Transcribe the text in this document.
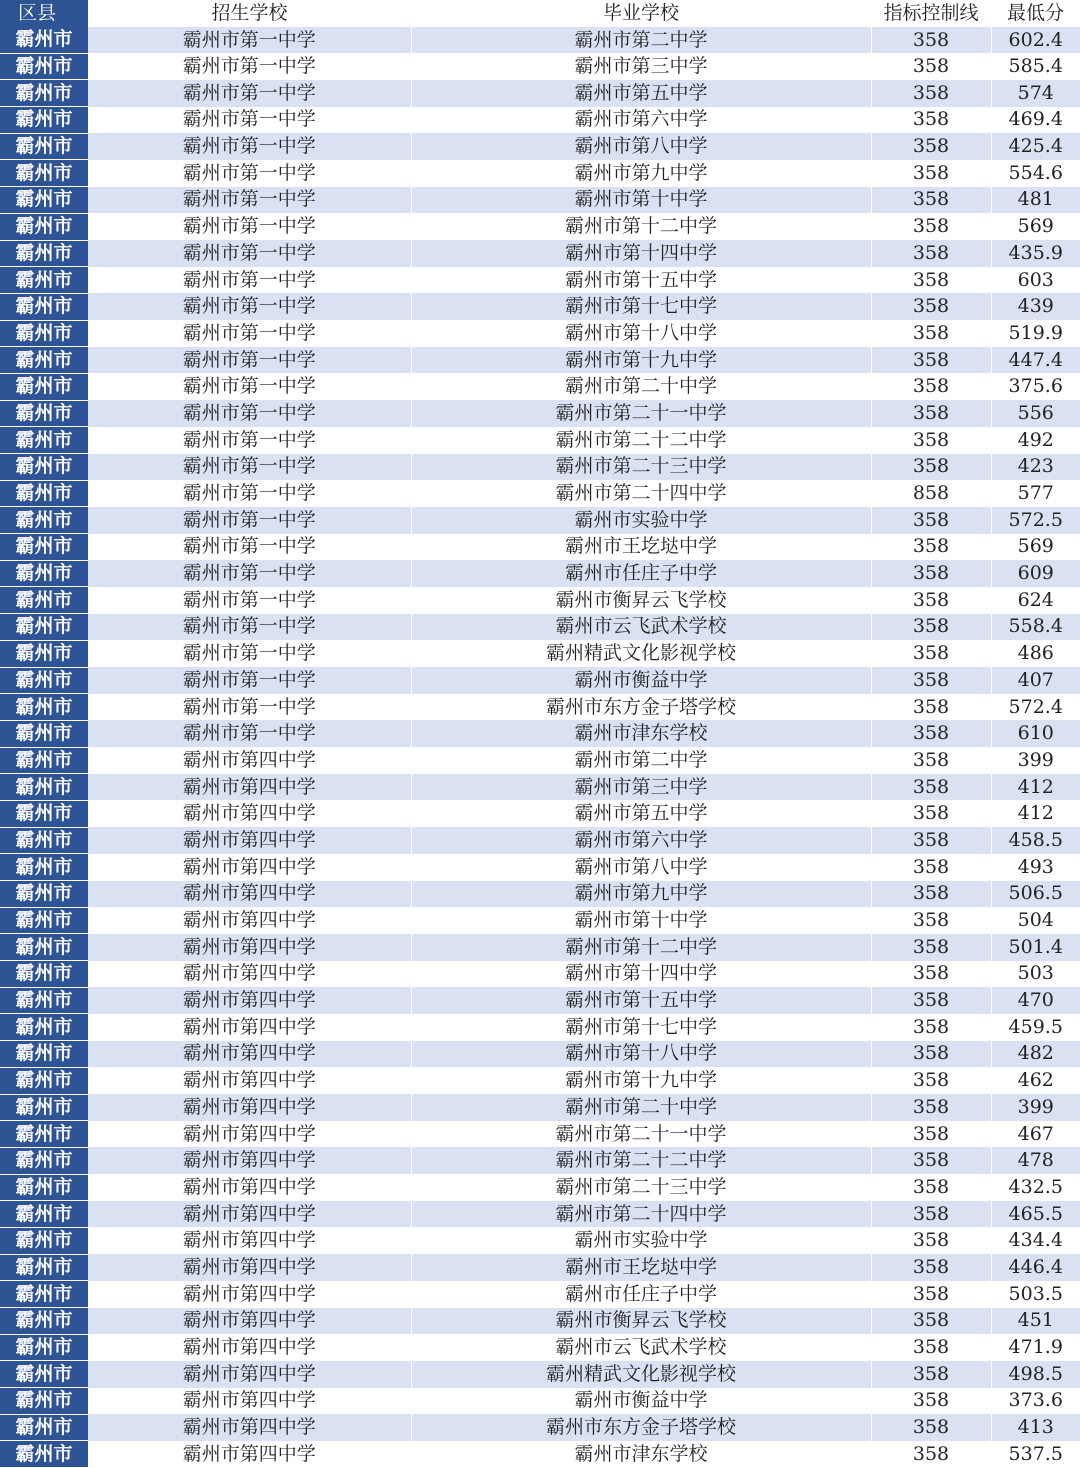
区县	招生学校	毕业学校	指标控制线	最低分
霸州市	霸州市第一中学	霸州市第二中学	358	602.4
霸州市	霸州市第一中学	霸州市第三中学	358	585.4
霸州市	霸州市第一中学	霸州市第五中学	358	574
霸州市	霸州市第一中学	霸州市第六中学	358	469.4
霸州市	霸州市第一中学	霸州市第八中学	358	425.4
霸州市	霸州市第一中学	霸州市第九中学	358	554.6
霸州市	霸州市第一中学	霸州市第十中学	358	481
霸州市	霸州市第一中学	霸州市第十二中学	358	569
霸州市	霸州市第一中学	霸州市第十四中学	358	435.9
霸州市	霸州市第一中学	霸州市第十五中学	358	603
霸州市	霸州市第一中学	霸州市第十七中学	358	439
霸州市	霸州市第一中学	霸州市第十八中学	358	519.9
霸州市	霸州市第一中学	霸州市第十九中学	358	447.4
霸州市	霸州市第一中学	霸州市第二十中学	358	375.6
霸州市	霸州市第一中学	霸州市第二十一中学	358	556
霸州市	霸州市第一中学	霸州市第二十二中学	358	492
霸州市	霸州市第一中学	霸州市第二十三中学	358	423
霸州市	霸州市第一中学	霸州市第二十四中学	858	577
霸州市	霸州市第一中学	霸州市实验中学	358	572.5
霸州市	霸州市第一中学	霸州市王圪垯中学	358	569
霸州市	霸州市第一中学	霸州市任庄子中学	358	609
霸州市	霸州市第一中学	霸州市衡昇云飞学校	358	624
霸州市	霸州市第一中学	霸州市云飞武术学校	358	558.4
霸州市	霸州市第一中学	霸州精武文化影视学校	358	486
霸州市	霸州市第一中学	霸州市衡益中学	358	407
霸州市	霸州市第一中学	霸州市东方金子塔学校	358	572.4
霸州市	霸州市第一中学	霸州市津东学校	358	610
霸州市	霸州市第四中学	霸州市第二中学	358	399
霸州市	霸州市第四中学	霸州市第三中学	358	412
霸州市	霸州市第四中学	霸州市第五中学	358	412
霸州市	霸州市第四中学	霸州市第六中学	358	458.5
霸州市	霸州市第四中学	霸州市第八中学	358	493
霸州市	霸州市第四中学	霸州市第九中学	358	506.5
霸州市	霸州市第四中学	霸州市第十中学	358	504
霸州市	霸州市第四中学	霸州市第十二中学	358	501.4
霸州市	霸州市第四中学	霸州市第十四中学	358	503
霸州市	霸州市第四中学	霸州市第十五中学	358	470
霸州市	霸州市第四中学	霸州市第十七中学	358	459.5
霸州市	霸州市第四中学	霸州市第十八中学	358	482
霸州市	霸州市第四中学	霸州市第十九中学	358	462
霸州市	霸州市第四中学	霸州市第二十中学	358	399
霸州市	霸州市第四中学	霸州市第二十一中学	358	467
霸州市	霸州市第四中学	霸州市第二十二中学	358	478
霸州市	霸州市第四中学	霸州市第二十三中学	358	432.5
霸州市	霸州市第四中学	霸州市第二十四中学	358	465.5
霸州市	霸州市第四中学	霸州市实验中学	358	434.4
霸州市	霸州市第四中学	霸州市王圪垯中学	358	446.4
霸州市	霸州市第四中学	霸州市任庄子中学	358	503.5
霸州市	霸州市第四中学	霸州市衡昇云飞学校	358	451
霸州市	霸州市第四中学	霸州市云飞武术学校	358	471.9
霸州市	霸州市第四中学	霸州精武文化影视学校	358	498.5
霸州市	霸州市第四中学	霸州市衡益中学	358	373.6
霸州市	霸州市第四中学	霸州市东方金子塔学校	358	413
霸州市	霸州市第四中学	霸州市津东学校	358	537.5
